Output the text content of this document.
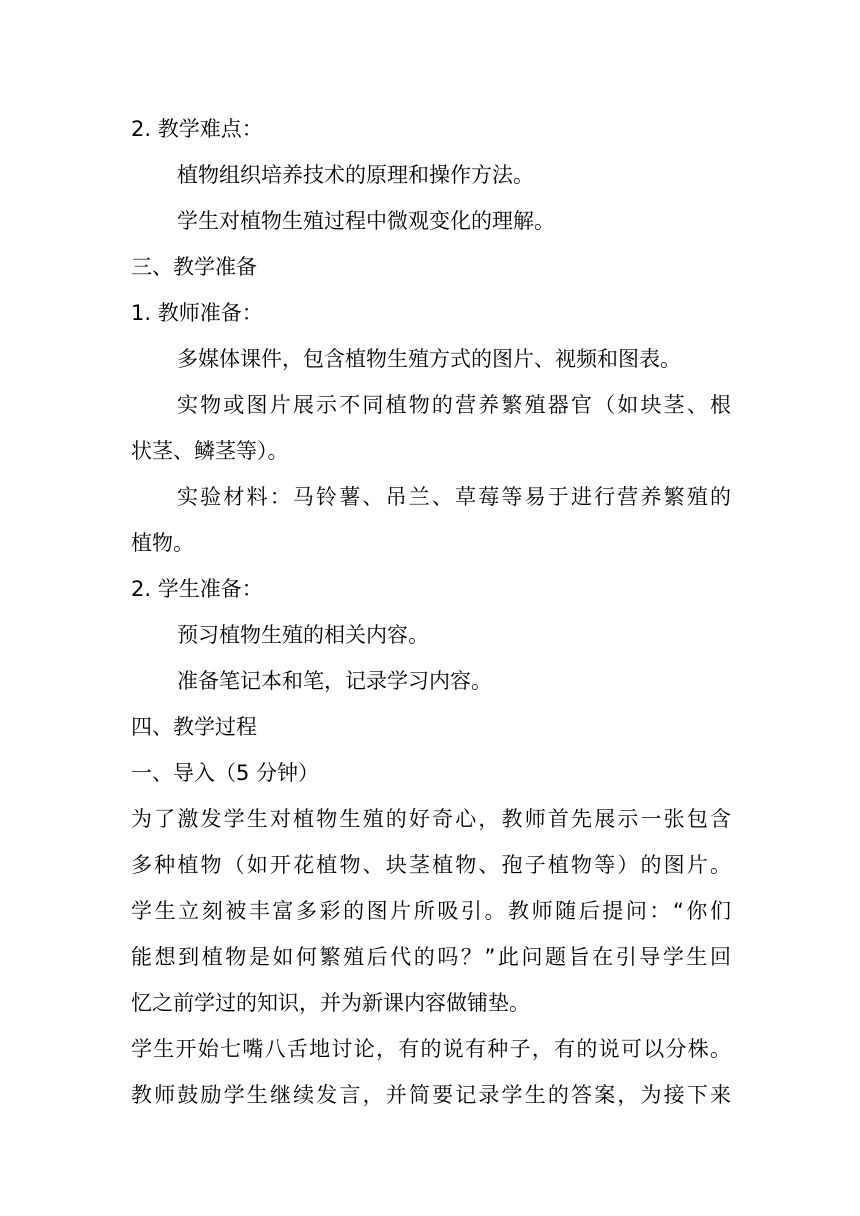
2. 教学难点：
植物组织培养技术的原理和操作方法。
学生对植物生殖过程中微观变化的理解。
三、教学准备
1. 教师准备：
多媒体课件，包含植物生殖方式的图片、视频和图表。
实物或图片展示不同植物的营养繁殖器官（如块茎、根
状茎、鳞茎等）。
实验材料：马铃薯、吊兰、草莓等易于进行营养繁殖的
植物。
2. 学生准备：
预习植物生殖的相关内容。
准备笔记本和笔，记录学习内容。
四、教学过程
一、导入（5 分钟）
为了激发学生对植物生殖的好奇心，教师首先展示一张包含
多种植物（如开花植物、块茎植物、孢子植物等）的图片。
学生立刻被丰富多彩的图片所吸引。教师随后提问：“你们
能想到植物是如何繁殖后代的吗？”此问题旨在引导学生回
忆之前学过的知识，并为新课内容做铺垫。
学生开始七嘴八舌地讨论，有的说有种子，有的说可以分株。
教师鼓励学生继续发言，并简要记录学生的答案，为接下来
